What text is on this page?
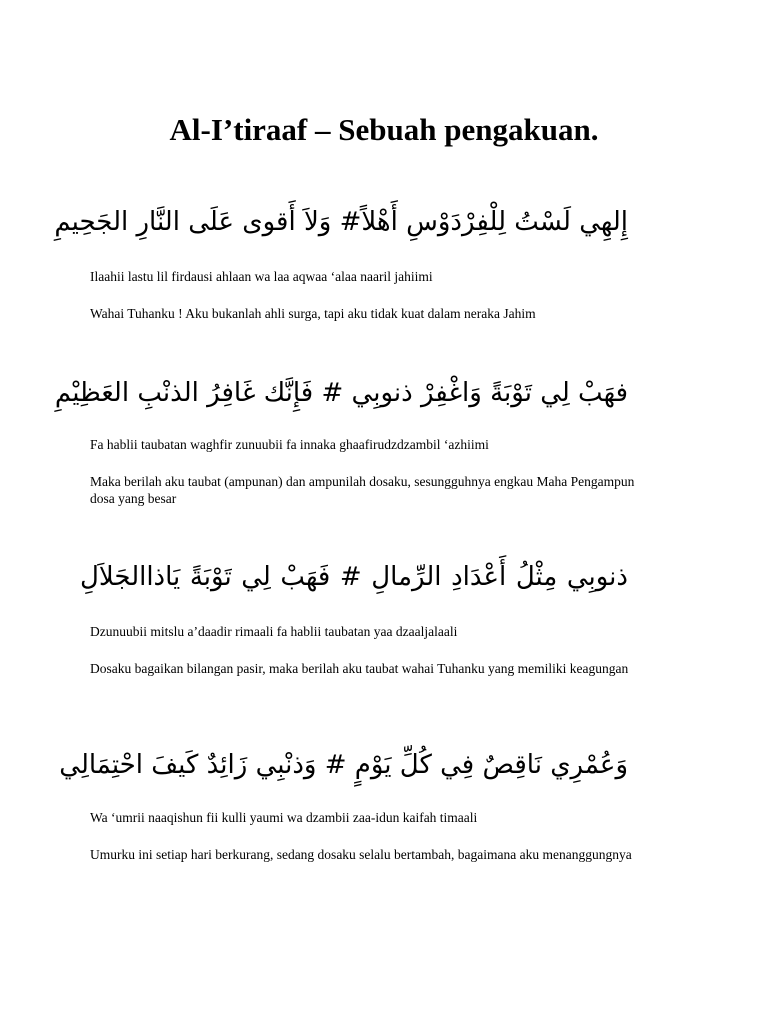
Al-I’tiraaf – Sebuah pengakuan.
إِلهِي لَسْتُ لِلْفِرْدَوْسِ أَهْلاً# وَلاَ أَقوى عَلَى النَّارِ الجَحِيمِ
Ilaahii lastu lil firdausi ahlaan wa laa aqwaa ‘alaa naaril jahiimi
Wahai Tuhanku ! Aku bukanlah ahli surga, tapi aku tidak kuat dalam neraka Jahim
فهَبْ لِي تَوْبَةً وَاغْفِرْ ذنوبِي # فَإِنَّك غَافِرُ الذنْبِ العَظِيْمِ
Fa hablii taubatan waghfir zunuubii fa innaka ghaafirudzdzambil ‘azhiimi
Maka berilah aku taubat (ampunan) dan ampunilah dosaku, sesungguhnya engkau Maha Pengampun dosa yang besar
ذنوبِي مِثْلُ أَعْدَادِ الرِّمالِ # فَهَبْ لِي تَوْبَةً يَاذاالجَلاَلِ
Dzunuubii mitslu a’daadir rimaali fa hablii taubatan yaa dzaaljalaali
Dosaku bagaikan bilangan pasir, maka berilah aku taubat wahai Tuhanku yang memiliki keagungan
وَعُمْرِي نَاقِصٌ فِي كُلِّ يَوْمٍ # وَذنْبِي زَائِدٌ كَيفَ احْتِمَالِي
Wa ‘umrii naaqishun fii kulli yaumi wa dzambii zaa-idun kaifah timaali
Umurku ini setiap hari berkurang, sedang dosaku selalu bertambah, bagaimana aku menanggungnya
